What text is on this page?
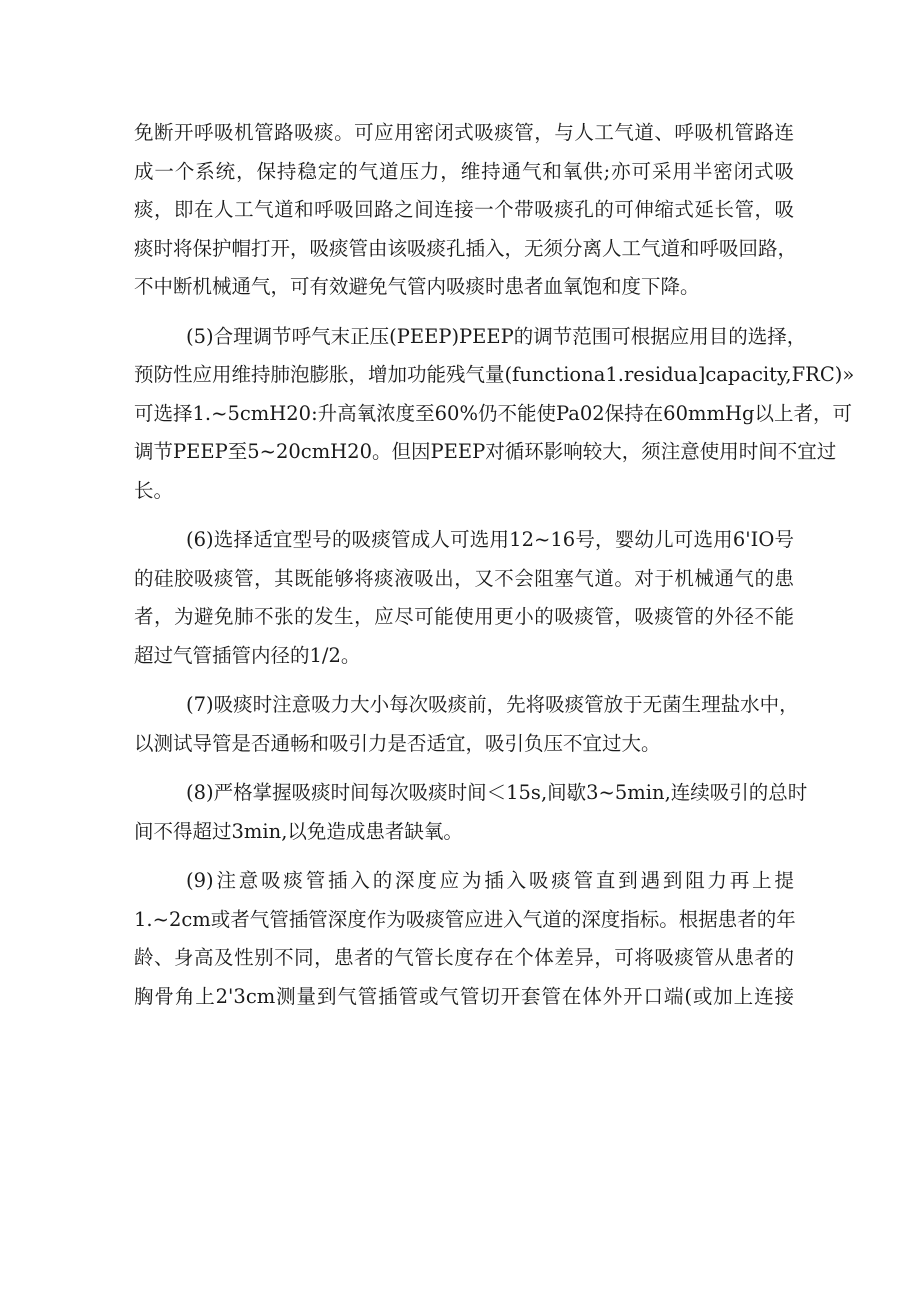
免断开呼吸机管路吸痰。可应用密闭式吸痰管，与人工气道、呼吸机管路连
成一个系统，保持稳定的气道压力，维持通气和氧供;亦可采用半密闭式吸
痰，即在人工气道和呼吸回路之间连接一个带吸痰孔的可伸缩式延长管，吸
痰时将保护帽打开，吸痰管由该吸痰孔插入，无须分离人工气道和呼吸回路，
不中断机械通气，可有效避免气管内吸痰时患者血氧饱和度下降。
(5)合理调节呼气末正压(PEEP)PEEP的调节范围可根据应用目的选择，
预防性应用维持肺泡膨胀，增加功能残气量(functiona1.residua]capacity,FRC)»
可选择1.~5cmH20:升高氧浓度至60%仍不能使Pa02保持在60mmHg以上者，可
调节PEEP至5~20cmH20。但因PEEP对循环影响较大，须注意使用时间不宜过
长。
(6)选择适宜型号的吸痰管成人可选用12~16号，婴幼儿可选用6'IO号
的硅胶吸痰管，其既能够将痰液吸出，又不会阻塞气道。对于机械通气的患
者，为避免肺不张的发生，应尽可能使用更小的吸痰管，吸痰管的外径不能
超过气管插管内径的1/2。
(7)吸痰时注意吸力大小每次吸痰前，先将吸痰管放于无菌生理盐水中，
以测试导管是否通畅和吸引力是否适宜，吸引负压不宜过大。
(8)严格掌握吸痰时间每次吸痰时间＜15s,间歇3~5min,连续吸引的总时
间不得超过3min,以免造成患者缺氧。
(9)注意吸痰管插入的深度应为插入吸痰管直到遇到阻力再上提
1.~2cm或者气管插管深度作为吸痰管应进入气道的深度指标。根据患者的年
龄、身高及性别不同，患者的气管长度存在个体差异，可将吸痰管从患者的
胸骨角上2'3cm测量到气管插管或气管切开套管在体外开口端(或加上连接
